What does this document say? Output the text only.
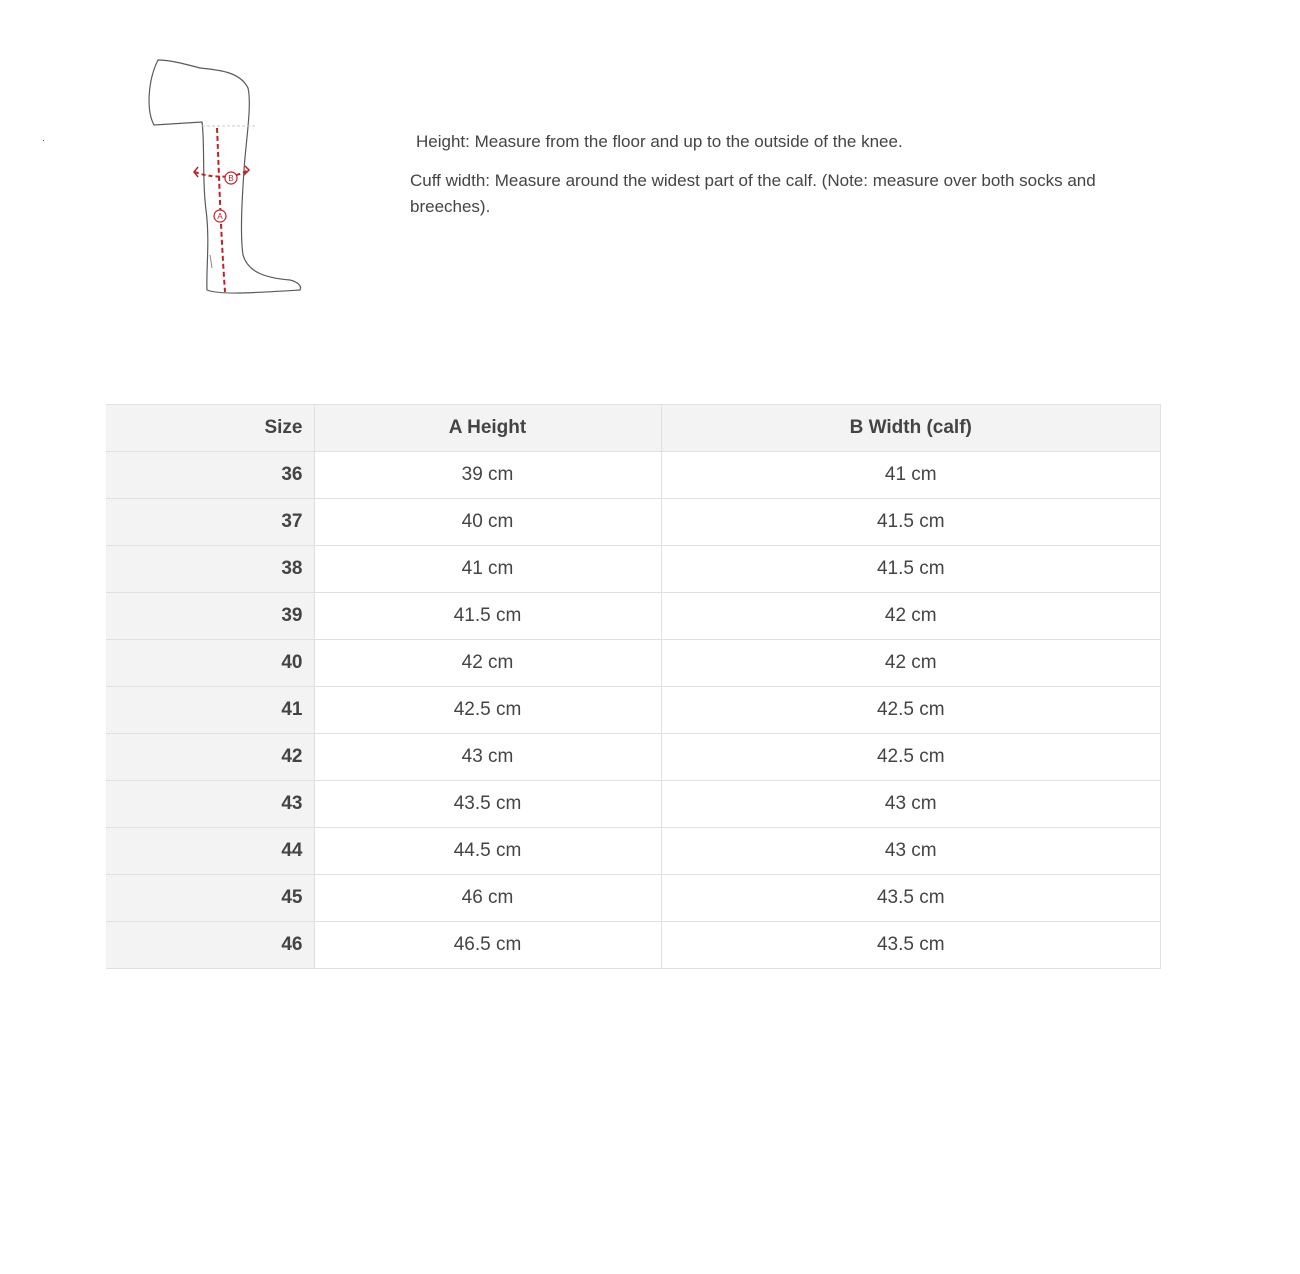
B
A

Height: Measure from the floor and up to the outside of the knee.

Cuff width: Measure around the widest part of the calf. (Note: measure over both socks and breeches).

Size	A Height	B Width (calf)
36	39 cm	41 cm
37	40 cm	41.5 cm
38	41 cm	41.5 cm
39	41.5 cm	42 cm
40	42 cm	42 cm
41	42.5 cm	42.5 cm
42	43 cm	42.5 cm
43	43.5 cm	43 cm
44	44.5 cm	43 cm
45	46 cm	43.5 cm
46	46.5 cm	43.5 cm
